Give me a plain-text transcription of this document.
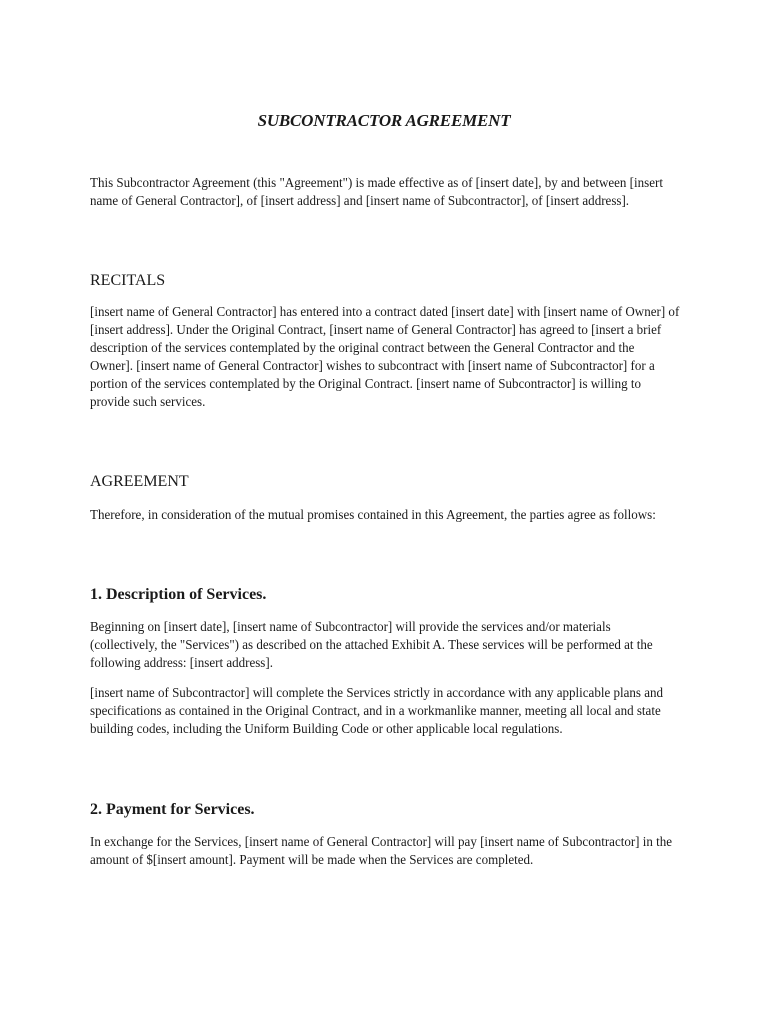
SUBCONTRACTOR AGREEMENT

This Subcontractor Agreement (this "Agreement") is made effective as of [insert date], by and between [insert name of General Contractor], of [insert address] and [insert name of Subcontractor], of [insert address].

RECITALS

[insert name of General Contractor] has entered into a contract dated [insert date] with [insert name of Owner] of [insert address]. Under the Original Contract, [insert name of General Contractor] has agreed to [insert a brief description of the services contemplated by the original contract between the General Contractor and the Owner]. [insert name of General Contractor] wishes to subcontract with [insert name of Subcontractor] for a portion of the services contemplated by the Original Contract. [insert name of Subcontractor] is willing to provide such services.

AGREEMENT

Therefore, in consideration of the mutual promises contained in this Agreement, the parties agree as follows:

1. Description of Services.

Beginning on [insert date], [insert name of Subcontractor] will provide the services and/or materials (collectively, the "Services") as described on the attached Exhibit A. These services will be performed at the following address: [insert address].

[insert name of Subcontractor] will complete the Services strictly in accordance with any applicable plans and specifications as contained in the Original Contract, and in a workmanlike manner, meeting all local and state building codes, including the Uniform Building Code or other applicable local regulations.

2. Payment for Services.

In exchange for the Services, [insert name of General Contractor] will pay [insert name of Subcontractor] in the amount of $[insert amount]. Payment will be made when the Services are completed.
